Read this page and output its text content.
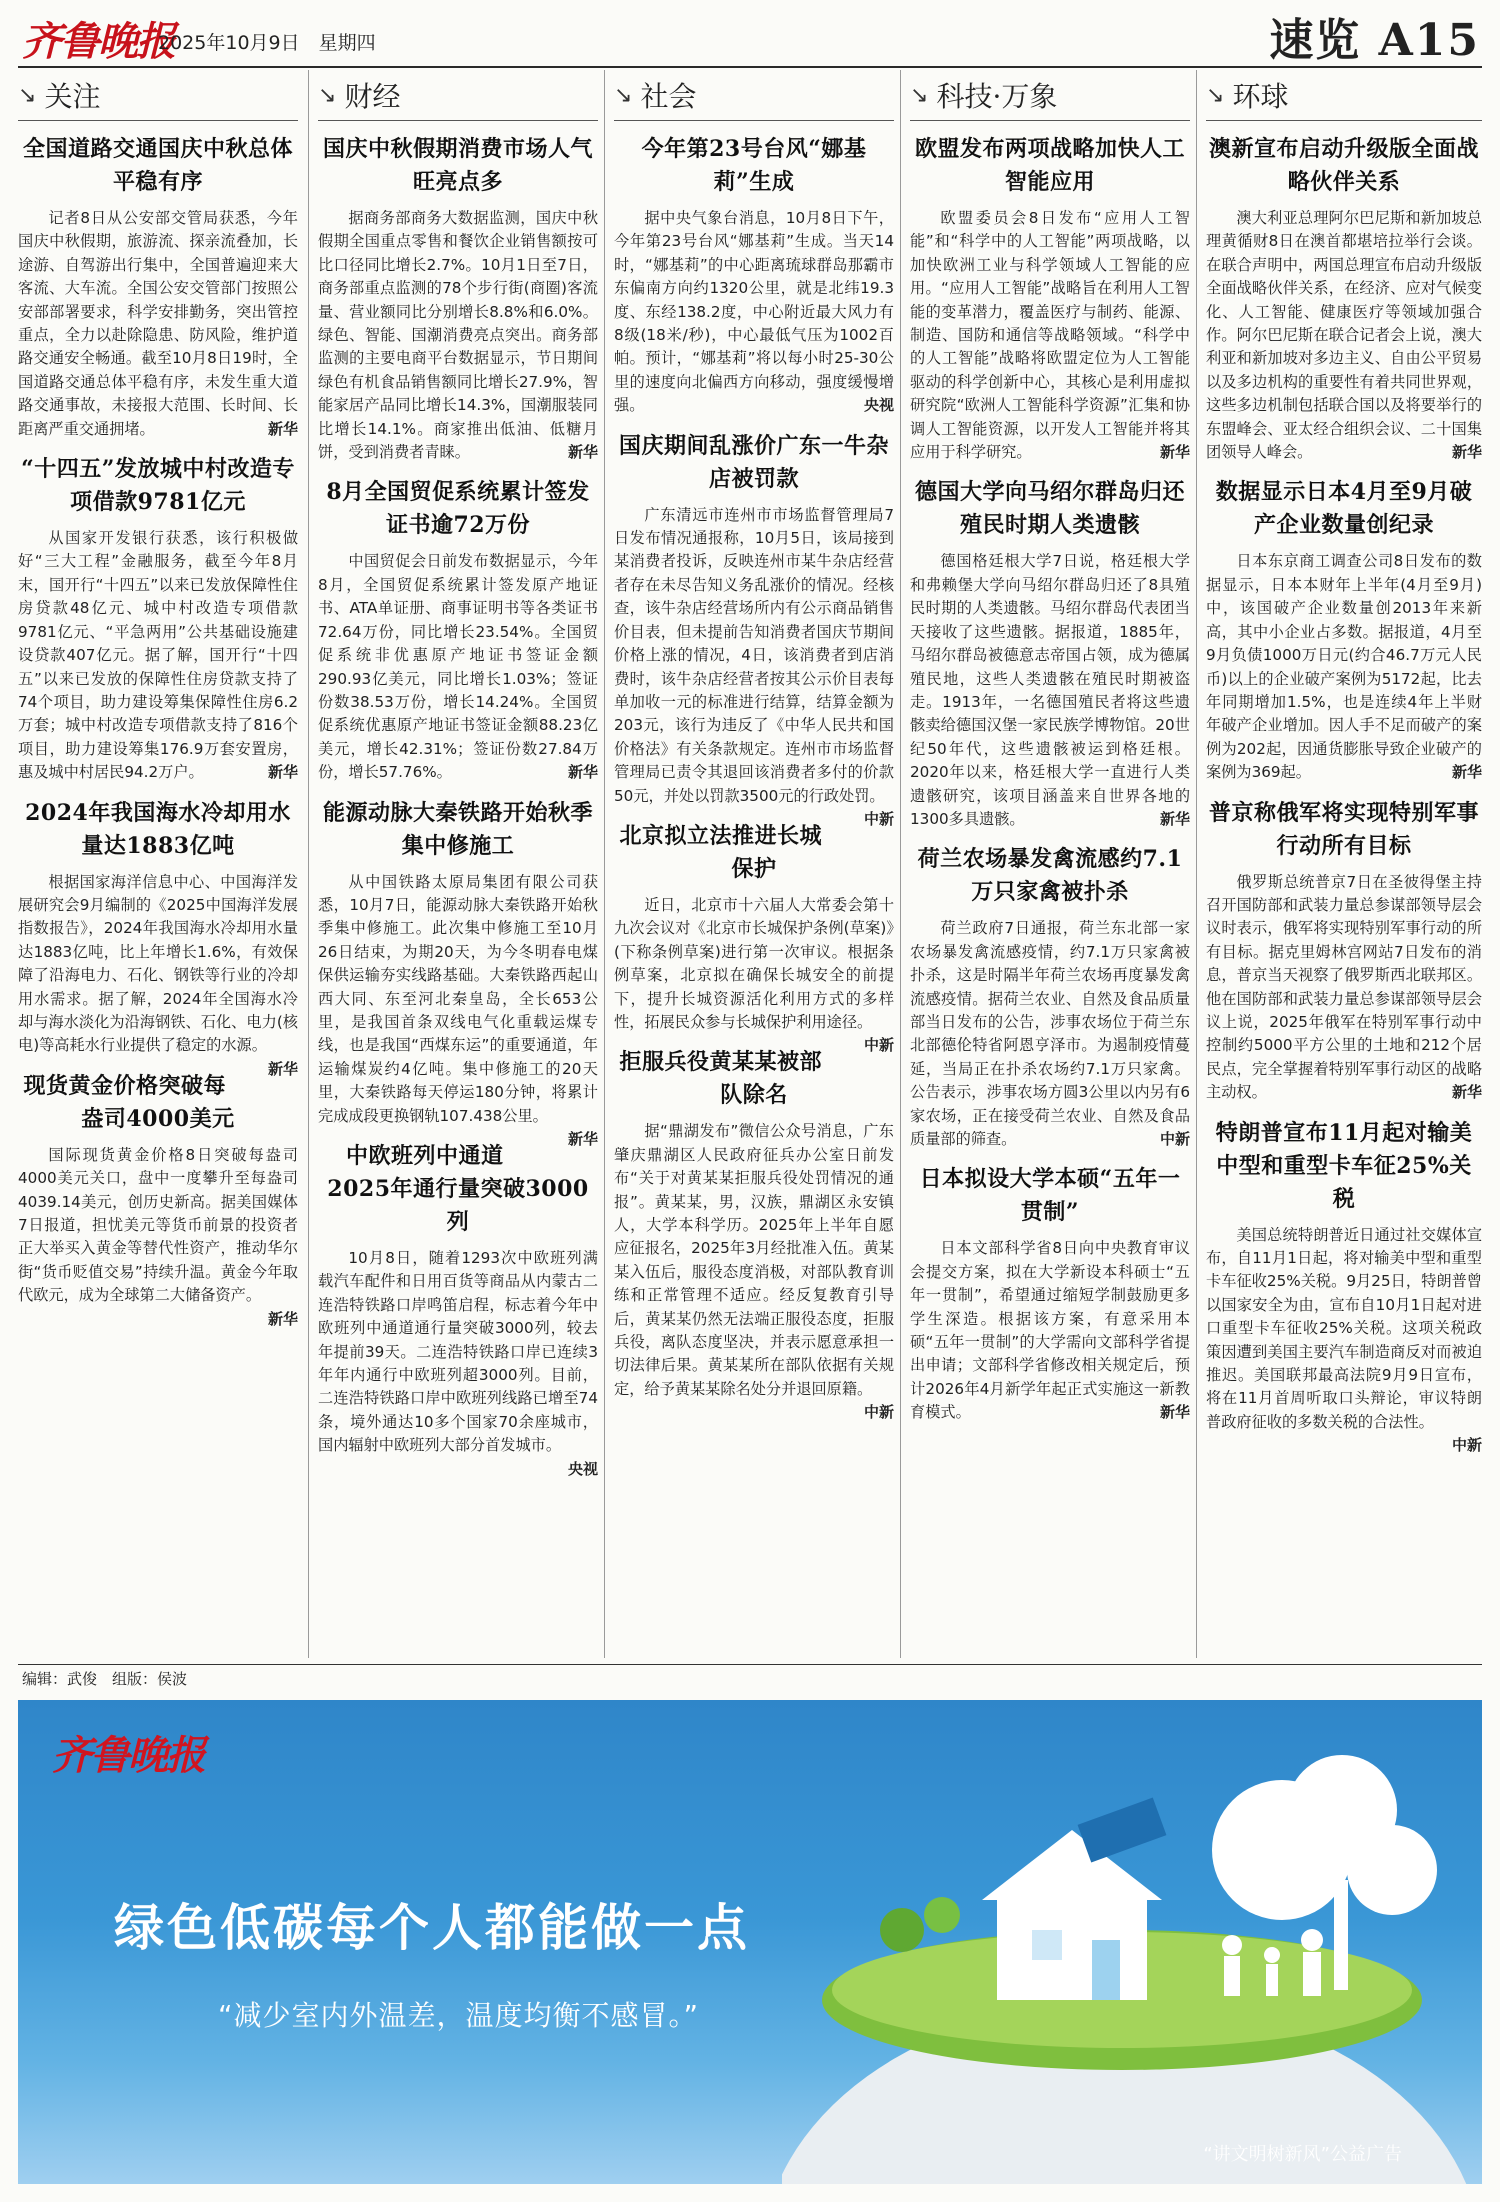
齐鲁晚报
2025年10月9日　星期四	速览 A15
↘ 关注
全国道路交通国庆中秋总体平稳有序

记者8日从公安部交管局获悉，今年国庆中秋假期，旅游流、探亲流叠加，长途游、自驾游出行集中，全国普遍迎来大客流、大车流。全国公安交管部门按照公安部部署要求，科学安排勤务，突出管控重点，全力以赴除隐患、防风险，维护道路交通安全畅通。截至10月8日19时，全国道路交通总体平稳有序，未发生重大道路交通事故，未接报大范围、长时间、长距离严重交通拥堵。	新华

“十四五”发放城中村改造专项借款9781亿元

从国家开发银行获悉，该行积极做好“三大工程”金融服务，截至今年8月末，国开行“十四五”以来已发放保障性住房贷款48亿元、城中村改造专项借款9781亿元、“平急两用”公共基础设施建设贷款407亿元。据了解，国开行“十四五”以来已发放的保障性住房贷款支持了74个项目，助力建设筹集保障性住房6.2万套；城中村改造专项借款支持了816个项目，助力建设筹集176.9万套安置房，惠及城中村居民94.2万户。	新华

2024年我国海水冷却用水量达1883亿吨

根据国家海洋信息中心、中国海洋发展研究会9月编制的《2025中国海洋发展指数报告》，2024年我国海水冷却用水量达1883亿吨，比上年增长1.6%，有效保障了沿海电力、石化、钢铁等行业的冷却用水需求。据了解，2024年全国海水冷却与海水淡化为沿海钢铁、石化、电力(核电)等高耗水行业提供了稳定的水源。
新华

现货黄金价格突破每盎司4000美元

国际现货黄金价格8日突破每盎司4000美元关口，盘中一度攀升至每盎司4039.14美元，创历史新高。据美国媒体7日报道，担忧美元等货币前景的投资者正大举买入黄金等替代性资产，推动华尔街“货币贬值交易”持续升温。黄金今年取代欧元，成为全球第二大储备资产。
新华

↘ 财经
国庆中秋假期消费市场人气旺亮点多

据商务部商务大数据监测，国庆中秋假期全国重点零售和餐饮企业销售额按可比口径同比增长2.7%。10月1日至7日，商务部重点监测的78个步行街(商圈)客流量、营业额同比分别增长8.8%和6.0%。绿色、智能、国潮消费亮点突出。商务部监测的主要电商平台数据显示，节日期间绿色有机食品销售额同比增长27.9%，智能家居产品同比增长14.3%，国潮服装同比增长14.1%。商家推出低油、低糖月饼，受到消费者青睐。	新华

8月全国贸促系统累计签发证书逾72万份

中国贸促会日前发布数据显示，今年8月，全国贸促系统累计签发原产地证书、ATA单证册、商事证明书等各类证书72.64万份，同比增长23.54%。全国贸促系统非优惠原产地证书签证金额290.93亿美元，同比增长1.03%；签证份数38.53万份，增长14.24%。全国贸促系统优惠原产地证书签证金额88.23亿美元，增长42.31%；签证份数27.84万份，增长57.76%。	新华

能源动脉大秦铁路开始秋季集中修施工

从中国铁路太原局集团有限公司获悉，10月7日，能源动脉大秦铁路开始秋季集中修施工。此次集中修施工至10月26日结束，为期20天，为今冬明春电煤保供运输夯实线路基础。大秦铁路西起山西大同、东至河北秦皇岛，全长653公里，是我国首条双线电气化重载运煤专线，也是我国“西煤东运”的重要通道，年运输煤炭约4亿吨。集中修施工的20天里，大秦铁路每天停运180分钟，将累计完成成段更换钢轨107.438公里。
新华

中欧班列中通道2025年通行量突破3000列

10月8日，随着1293次中欧班列满载汽车配件和日用百货等商品从内蒙古二连浩特铁路口岸鸣笛启程，标志着今年中欧班列中通道通行量突破3000列，较去年提前39天。二连浩特铁路口岸已连续3年年内通行中欧班列超3000列。目前，二连浩特铁路口岸中欧班列线路已增至74条，境外通达10多个国家70余座城市，国内辐射中欧班列大部分首发城市。
央视

↘ 社会
今年第23号台风“娜基莉”生成

据中央气象台消息，10月8日下午，今年第23号台风“娜基莉”生成。当天14时，“娜基莉”的中心距离琉球群岛那霸市东偏南方向约1320公里，就是北纬19.3度、东经138.2度，中心附近最大风力有8级(18米/秒)，中心最低气压为1002百帕。预计，“娜基莉”将以每小时25-30公里的速度向北偏西方向移动，强度缓慢增强。	央视

国庆期间乱涨价广东一牛杂店被罚款

广东清远市连州市市场监督管理局7日发布情况通报称，10月5日，该局接到某消费者投诉，反映连州市某牛杂店经营者存在未尽告知义务乱涨价的情况。经核查，该牛杂店经营场所内有公示商品销售价目表，但未提前告知消费者国庆节期间价格上涨的情况，4日，该消费者到店消费时，该牛杂店经营者按其公示价目表每单加收一元的标准进行结算，结算金额为203元，该行为违反了《中华人民共和国价格法》有关条款规定。连州市市场监督管理局已责令其退回该消费者多付的价款50元，并处以罚款3500元的行政处罚。
中新

北京拟立法推进长城保护

近日，北京市十六届人大常委会第十九次会议对《北京市长城保护条例(草案)》(下称条例草案)进行第一次审议。根据条例草案，北京拟在确保长城安全的前提下，提升长城资源活化利用方式的多样性，拓展民众参与长城保护利用途径。
中新

拒服兵役黄某某被部队除名

据“鼎湖发布”微信公众号消息，广东肇庆鼎湖区人民政府征兵办公室日前发布“关于对黄某某拒服兵役处罚情况的通报”。黄某某，男，汉族，鼎湖区永安镇人，大学本科学历。2025年上半年自愿应征报名，2025年3月经批准入伍。黄某某入伍后，服役态度消极，对部队教育训练和正常管理不适应。经反复教育引导后，黄某某仍然无法端正服役态度，拒服兵役，离队态度坚决，并表示愿意承担一切法律后果。黄某某所在部队依据有关规定，给予黄某某除名处分并退回原籍。
中新

↘ 科技·万象
欧盟发布两项战略加快人工智能应用

欧盟委员会8日发布“应用人工智能”和“科学中的人工智能”两项战略，以加快欧洲工业与科学领域人工智能的应用。“应用人工智能”战略旨在利用人工智能的变革潜力，覆盖医疗与制药、能源、制造、国防和通信等战略领域。“科学中的人工智能”战略将欧盟定位为人工智能驱动的科学创新中心，其核心是利用虚拟研究院“欧洲人工智能科学资源”汇集和协调人工智能资源，以开发人工智能并将其应用于科学研究。	新华

德国大学向马绍尔群岛归还殖民时期人类遗骸

德国格廷根大学7日说，格廷根大学和弗赖堡大学向马绍尔群岛归还了8具殖民时期的人类遗骸。马绍尔群岛代表团当天接收了这些遗骸。据报道，1885年，马绍尔群岛被德意志帝国占领，成为德属殖民地，这些人类遗骸在殖民时期被盗走。1913年，一名德国殖民者将这些遗骸卖给德国汉堡一家民族学博物馆。20世纪50年代，这些遗骸被运到格廷根。2020年以来，格廷根大学一直进行人类遗骸研究，该项目涵盖来自世界各地的1300多具遗骸。	新华

荷兰农场暴发禽流感约7.1万只家禽被扑杀

荷兰政府7日通报，荷兰东北部一家农场暴发禽流感疫情，约7.1万只家禽被扑杀，这是时隔半年荷兰农场再度暴发禽流感疫情。据荷兰农业、自然及食品质量部当日发布的公告，涉事农场位于荷兰东北部德伦特省阿恩亨泽市。为遏制疫情蔓延，当局正在扑杀农场约7.1万只家禽。公告表示，涉事农场方圆3公里以内另有6家农场，正在接受荷兰农业、自然及食品质量部的筛查。	中新

日本拟设大学本硕“五年一贯制”

日本文部科学省8日向中央教育审议会提交方案，拟在大学新设本科硕士“五年一贯制”，希望通过缩短学制鼓励更多学生深造。根据该方案，有意采用本硕“五年一贯制”的大学需向文部科学省提出申请；文部科学省修改相关规定后，预计2026年4月新学年起正式实施这一新教育模式。	新华

↘ 环球
澳新宣布启动升级版全面战略伙伴关系

澳大利亚总理阿尔巴尼斯和新加坡总理黄循财8日在澳首都堪培拉举行会谈。在联合声明中，两国总理宣布启动升级版全面战略伙伴关系，在经济、应对气候变化、人工智能、健康医疗等领域加强合作。阿尔巴尼斯在联合记者会上说，澳大利亚和新加坡对多边主义、自由公平贸易以及多边机构的重要性有着共同世界观，这些多边机制包括联合国以及将要举行的东盟峰会、亚太经合组织会议、二十国集团领导人峰会。	新华

数据显示日本4月至9月破产企业数量创纪录

日本东京商工调查公司8日发布的数据显示，日本本财年上半年(4月至9月)中，该国破产企业数量创2013年来新高，其中小企业占多数。据报道，4月至9月负债1000万日元(约合46.7万元人民币)以上的企业破产案例为5172起，比去年同期增加1.5%，也是连续4年上半财年破产企业增加。因人手不足而破产的案例为202起，因通货膨胀导致企业破产的案例为369起。	新华

普京称俄军将实现特别军事行动所有目标

俄罗斯总统普京7日在圣彼得堡主持召开国防部和武装力量总参谋部领导层会议时表示，俄军将实现特别军事行动的所有目标。据克里姆林宫网站7日发布的消息，普京当天视察了俄罗斯西北联邦区。他在国防部和武装力量总参谋部领导层会议上说，2025年俄军在特别军事行动中控制约5000平方公里的土地和212个居民点，完全掌握着特别军事行动区的战略主动权。	新华

特朗普宣布11月起对输美中型和重型卡车征25%关税

美国总统特朗普近日通过社交媒体宣布，自11月1日起，将对输美中型和重型卡车征收25%关税。9月25日，特朗普曾以国家安全为由，宣布自10月1日起对进口重型卡车征收25%关税。这项关税政策因遭到美国主要汽车制造商反对而被迫推迟。美国联邦最高法院9月9日宣布，将在11月首周听取口头辩论，审议特朗普政府征收的多数关税的合法性。
中新

编辑：武俊　组版：侯波
齐鲁晚报
绿色低碳每个人都能做一点
“减少室内外温差，温度均衡不感冒。”
“讲文明树新风”公益广告
